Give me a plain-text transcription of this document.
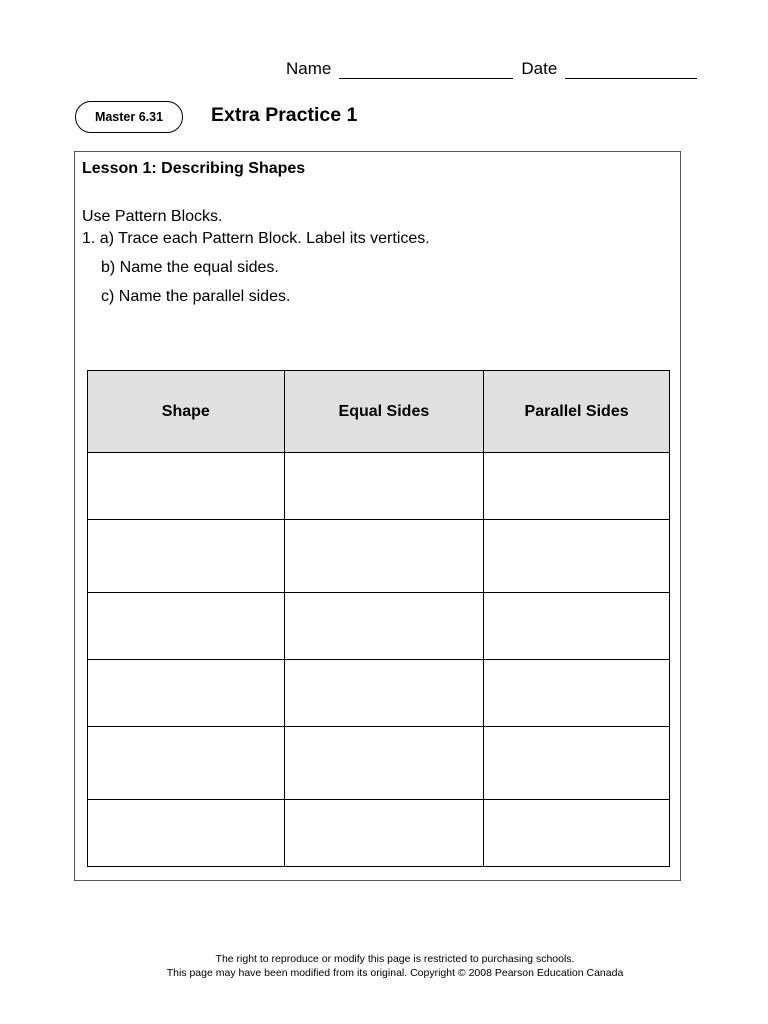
Name	Date
Master 6.31 Extra Practice 1
Lesson 1: Describing Shapes
Use Pattern Blocks.
1. a) Trace each Pattern Block. Label its vertices.
b) Name the equal sides.
c) Name the parallel sides.
Shape	Equal Sides	Parallel Sides

The right to reproduce or modify this page is restricted to purchasing schools.
This page may have been modified from its original. Copyright © 2008 Pearson Education Canada
